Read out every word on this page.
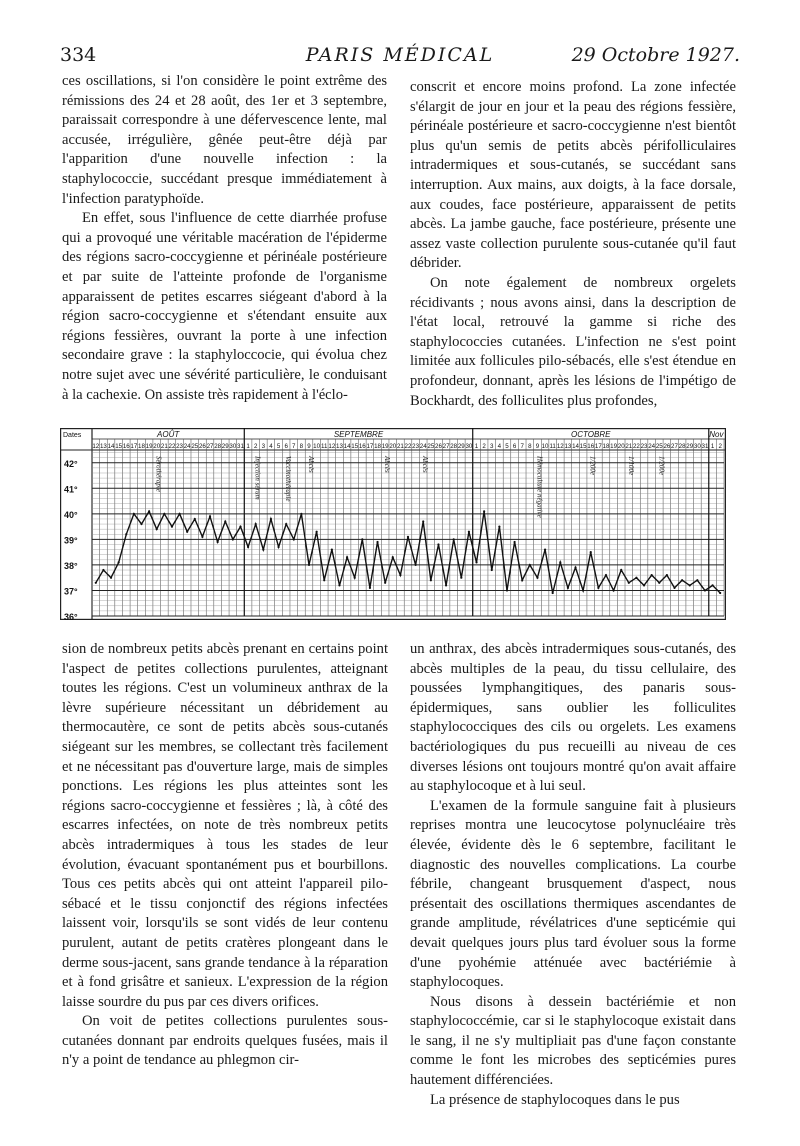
334	PARIS MÉDICAL	29 Octobre 1927.

ces oscillations, si l'on considère le point extrême des rémissions des 24 et 28 août, des 1er et 3 septembre, paraissait correspondre à une défervescence lente, mal accusée, irrégulière, gênée peut-être déjà par l'apparition d'une nouvelle infection : la staphylococcie, succédant presque immédiatement à l'infection paratyphoïde.

En effet, sous l'influence de cette diarrhée profuse qui a provoqué une véritable macération de l'épiderme des régions sacro-coccygienne et périnéale postérieure et par suite de l'atteinte profonde de l'organisme apparaissent de petites escarres siégeant d'abord à la région sacro-coccygienne et s'étendant ensuite aux régions fessières, ouvrant la porte à une infection secondaire grave : la staphyloccocie, qui évolua chez notre sujet avec une sévérité particulière, le conduisant à la cachexie. On assiste très rapidement à l'éclo-

conscrit et encore moins profond. La zone infectée s'élargit de jour en jour et la peau des régions fessière, périnéale postérieure et sacro-coccygienne n'est bientôt plus qu'un semis de petits abcès périfolliculaires intradermiques et sous-cutanés, se succédant sans interruption. Aux mains, aux doigts, à la face dorsale, aux coudes, face postérieure, apparaissent de petits abcès. La jambe gauche, face postérieure, présente une assez vaste collection purulente sous-cutanée qu'il faut débrider.

On note également de nombreux orgelets récidivants ; nous avons ainsi, dans la description de l'état local, retrouvé la gamme si riche des staphylococcies cutanées. L'infection ne s'est point limitée aux follicules pilo-sébacés, elle s'est étendue en profondeur, donnant, après les lésions de l'impétigo de Bockhardt, des folliculites plus profondes,

42°
41°
40°
39°
38°
37°
36°
Dates
12 13 14 15 16 17 18 19 20 21 22 23 24 25 26 27 28 29 30 31 1 2 3 4 5 6 7 8 9 10 11 12 13 14 15 16 17 18 19 20 21 22 23 24 25 26 27 28 29 30 1 2 3 4 5 6 7 8 9 10 11 12 13 14 15 16 17 18 19 20 21 22 23 24 25 26 27 28 29 30 31 1 2
AOÛT	SEPTEMBRE	OCTOBRE	Nov
Sérothérapie	Injection sérum	Vaccinothérapie Abcès	Abcès	Abcès	Hémoculture négative	1/200e	1/100e	1/200e

sion de nombreux petits abcès prenant en certains point l'aspect de petites collections purulentes, atteignant toutes les régions. C'est un volumineux anthrax de la lèvre supérieure nécessitant un débridement au thermocautère, ce sont de petits abcès sous-cutanés siégeant sur les membres, se collectant très facilement et ne nécessitant pas d'ouverture large, mais de simples ponctions. Les régions les plus atteintes sont les régions sacro-coccygienne et fessières ; là, à côté des escarres infectées, on note de très nombreux petits abcès intradermiques à tous les stades de leur évolution, évacuant spontanément pus et bourbillons. Tous ces petits abcès qui ont atteint l'appareil pilo-sébacé et le tissu conjonctif des régions infectées laissent voir, lorsqu'ils se sont vidés de leur contenu purulent, autant de petits cratères plongeant dans le derme sous-jacent, sans grande tendance à la réparation et à fond grisâtre et sanieux. L'expression de la région laisse sourdre du pus par ces divers orifices.

On voit de petites collections purulentes sous-cutanées donnant par endroits quelques fusées, mais il n'y a point de tendance au phlegmon cir-

un anthrax, des abcès intradermiques sous-cutanés, des abcès multiples de la peau, du tissu cellulaire, des poussées lymphangitiques, des panaris sous-épidermiques, sans oublier les folliculites staphylococciques des cils ou orgelets. Les examens bactériologiques du pus recueilli au niveau de ces diverses lésions ont toujours montré qu'on avait affaire au staphylocoque et à lui seul.

L'examen de la formule sanguine fait à plusieurs reprises montra une leucocytose polynucléaire très élevée, évidente dès le 6 septembre, facilitant le diagnostic des nouvelles complications. La courbe fébrile, changeant brusquement d'aspect, nous présentait des oscillations thermiques ascendantes de grande amplitude, révélatrices d'une septicémie qui devait quelques jours plus tard évoluer sous la forme d'une pyohémie atténuée avec bactériémie à staphylocoques.

Nous disons à dessein bactériémie et non staphylococcémie, car si le staphylocoque existait dans le sang, il ne s'y multipliait pas d'une façon constante comme le font les microbes des septicémies pures hautement différenciées.

La présence de staphylocoques dans le pus
